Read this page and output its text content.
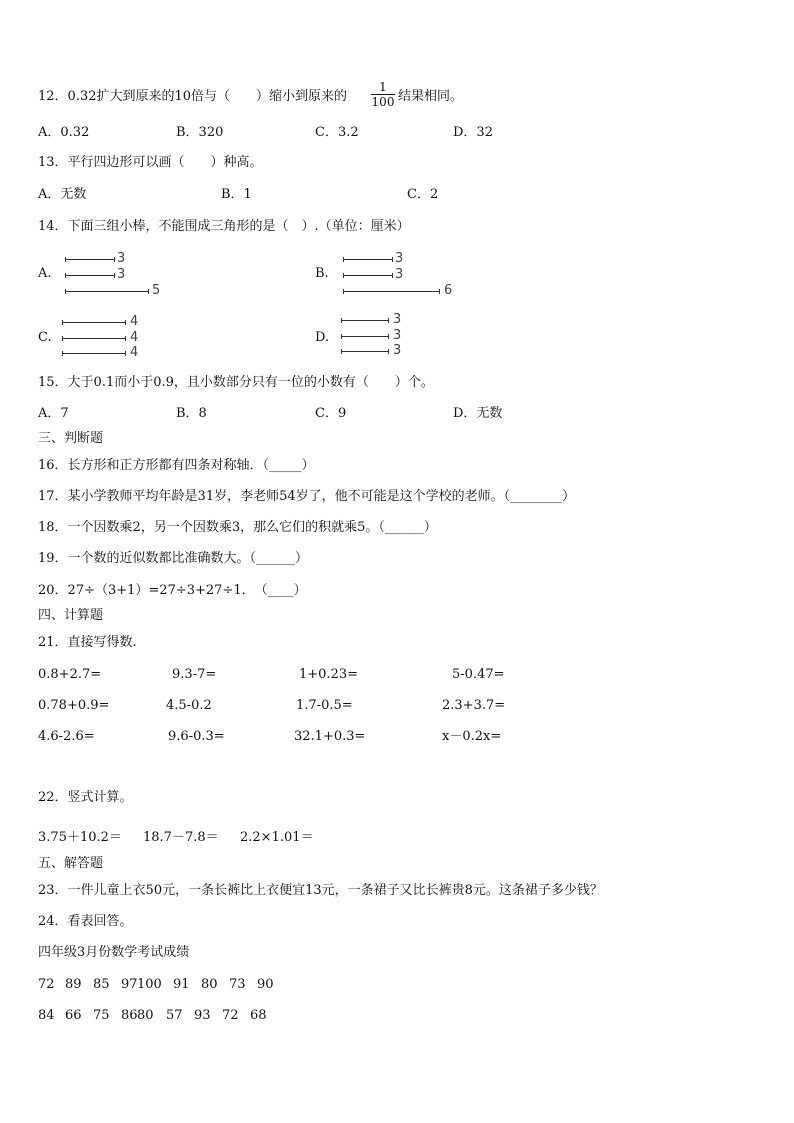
12．0.32扩大到原来的10倍与（　　）缩小到原来的
1
100 结果相同。
A．0.32	B．320	C．3.2	D．32
13．平行四边形可以画（　　）种高。
A．无数	B．1	C．2
14．下面三组小棒，不能围成三角形的是（　）.（单位：厘米）
A.
3
3
5
B.
3
3
6
C.
4
4
4
D.
3
3
3
15．大于0.1而小于0.9，且小数部分只有一位的小数有（　　）个。
A．7	B．8	C．9	D．无数
三、判断题
16．长方形和正方形都有四条对称轴．（_____）
17．某小学教师平均年龄是31岁，李老师54岁了，他不可能是这个学校的老师。（________）
18．一个因数乘2，另一个因数乘3，那么它们的积就乘5。（______）
19．一个数的近似数都比准确数大。（______）
20．27÷（3+1）=27÷3+27÷1．　（____）
四、计算题
21．直接写得数.
0.8+2.7=	9.3-7=	1+0.23=	5-0.47=
0.78+0.9=	4.5-0.2	1.7-0.5=	2.3+3.7=
4.6-2.6=	9.6-0.3=	32.1+0.3=	x－0.2x=
22．竖式计算。
3.75＋10.2＝ 18.7－7.8＝ 2.2×1.01＝
五、解答题
23．一件儿童上衣50元，一条长裤比上衣便宜13元，一条裙子又比长裤贵8元。这条裙子多少钱？
24．看表回答。
四年级3月份数学考试成绩
72 89 85 97 100 91 80 73 90
84 66 75 86 80 57 93 72 68
